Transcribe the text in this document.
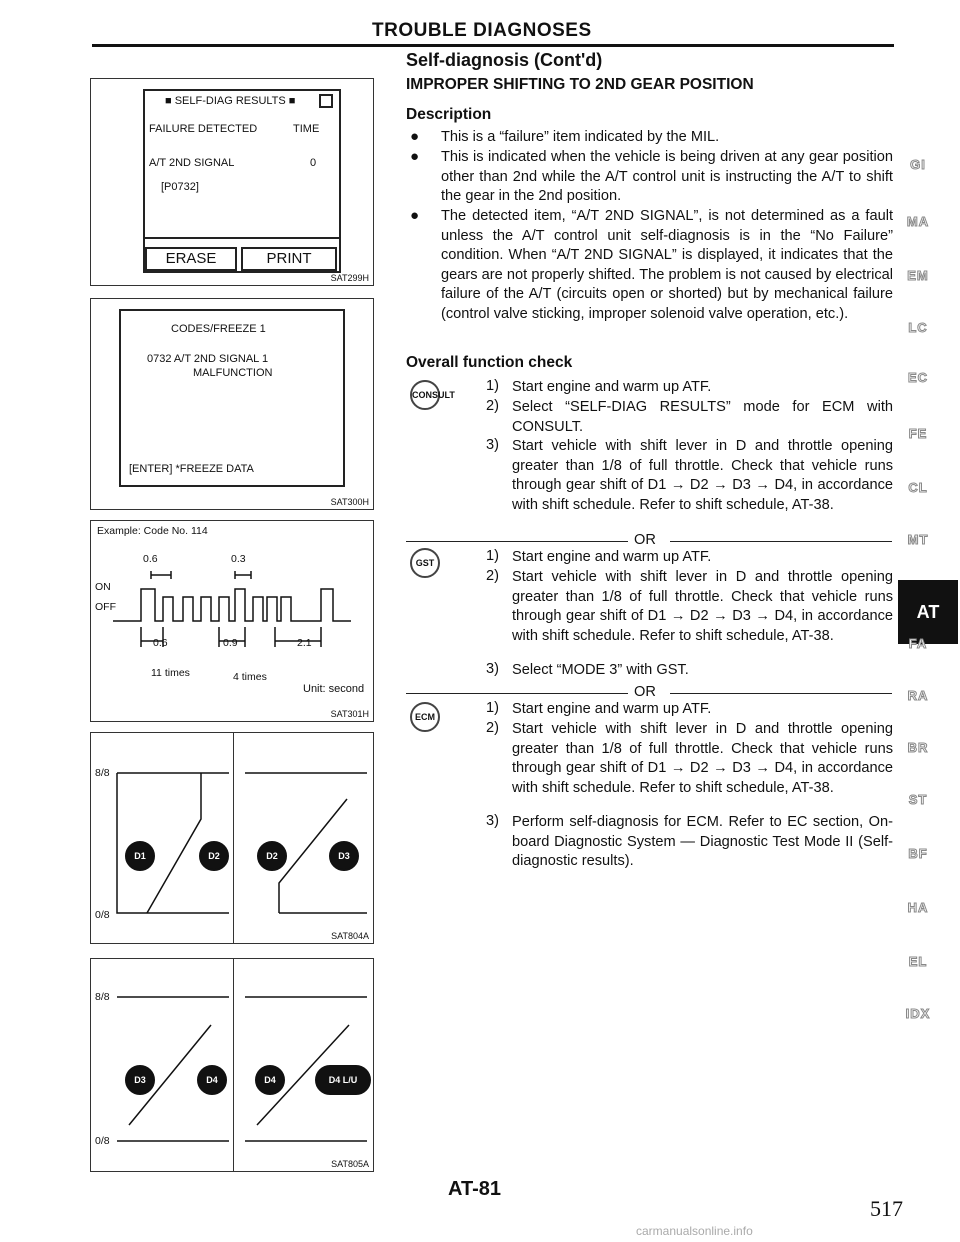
TROUBLE DIAGNOSES
■ SELF-DIAG RESULTS ■
FAILURE DETECTED	TIME
A/T 2ND SIGNAL	0
[P0732]
ERASE	PRINT
SAT299H
CODES/FREEZE 1
0732 A/T 2ND SIGNAL 1
MALFUNCTION
[ENTER] *FREEZE DATA
SAT300H
Example: Code No. 114
ON
OFF
0.6	0.3
0.6	0.9	2.1
11 times	4 times
Unit: second
SAT301H
8/8
0/8
D1	D2	D2	D3
SAT804A
8/8
0/8
D3	D4	D4	D4 L/U
SAT805A
Self-diagnosis (Cont'd)
IMPROPER SHIFTING TO 2ND GEAR POSITION
Description
● This is a “failure” item indicated by the MIL.
● This is indicated when the vehicle is being driven at any gear position other than 2nd while the A/T control unit is instructing the A/T to shift the gear in the 2nd position.
● The detected item, “A/T 2ND SIGNAL”, is not determined as a fault unless the A/T control unit self-diagnosis is in the “No Failure” condition. When “A/T 2ND SIGNAL” is displayed, it indicates that the gears are not properly shifted. The problem is not caused by electrical failure of the A/T (circuits open or shorted) but by mechanical failure (control valve sticking, improper solenoid valve operation, etc.).
Overall function check
CONSULT
1) Start engine and warm up ATF.
2) Select “SELF-DIAG RESULTS” mode for ECM with CONSULT.
3) Start vehicle with shift lever in D and throttle opening greater than 1/8 of full throttle. Check that vehicle runs through gear shift of D1 → D2 → D3 → D4, in accordance with shift schedule. Refer to shift schedule, AT-38.
OR
GST	1) Start engine and warm up ATF.
2) Start vehicle with shift lever in D and throttle opening greater than 1/8 of full throttle. Check that vehicle runs through gear shift of D1 → D2 → D3 → D4, in accordance with shift schedule. Refer to shift schedule, AT-38.
3) Select “MODE 3” with GST.
OR
ECM
1) Start engine and warm up ATF.
2) Start vehicle with shift lever in D and throttle opening greater than 1/8 of full throttle. Check that vehicle runs through gear shift of D1 → D2 → D3 → D4, in accordance with shift schedule. Refer to shift schedule, AT-38.
3) Perform self-diagnosis for ECM. Refer to EC section, On-board Diagnostic System — Diagnostic Test Mode II (Self-diagnostic results).
GI
MA
EM
LC
EC
FE
CL
MT
AT
FA
RA
BR
ST
BF
HA
EL
IDX
AT-81
517
carmanualsonline.info
